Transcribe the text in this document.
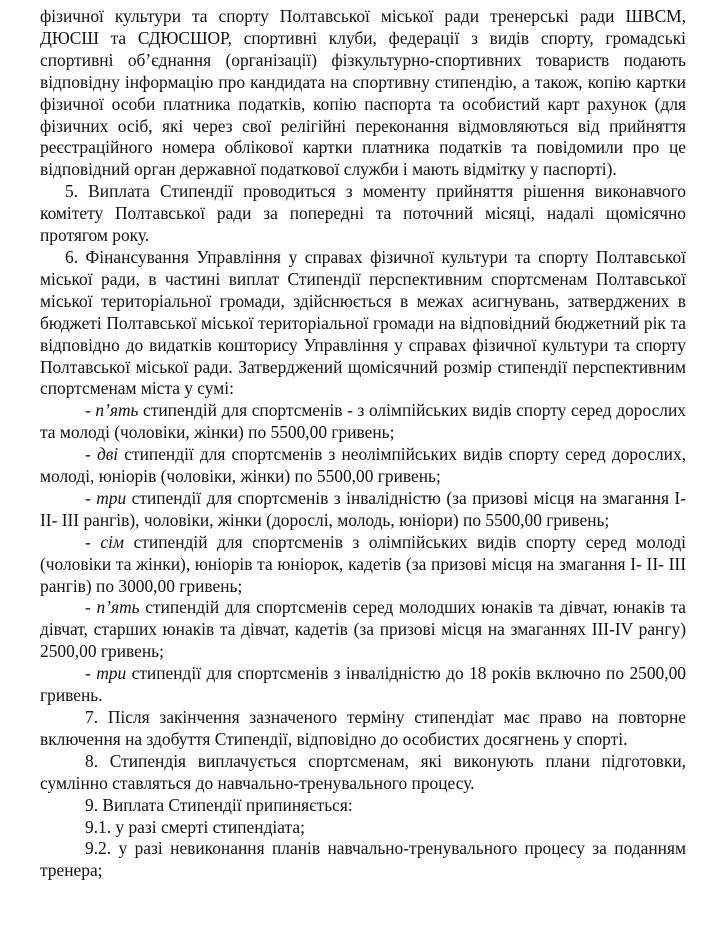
фізичної культури та спорту Полтавської міської ради тренерські ради ШВСМ, ДЮСШ та СДЮСШОР, спортивні клуби, федерації з видів спорту, громадські спортивні об’єднання (організації) фізкультурно-спортивних товариств подають відповідну інформацію про кандидата на спортивну стипендію, а також, копію картки фізичної особи платника податків, копію паспорта та особистий карт рахунок (для фізичних осіб, які через свої релігійні переконання відмовляються від прийняття реєстраційного номера облікової картки платника податків та повідомили про це відповідний орган державної податкової служби і мають відмітку у паспорті).

5. Виплата Стипендії проводиться з моменту прийняття рішення виконавчого комітету Полтавської ради за попередні та поточний місяці, надалі щомісячно протягом року.

6. Фінансування Управління у справах фізичної культури та спорту Полтавської міської ради, в частині виплат Стипендії перспективним спортсменам Полтавської міської територіальної громади, здійснюється в межах асигнувань, затверджених в бюджеті Полтавської міської територіальної громади на відповідний бюджетний рік та відповідно до видатків кошторису Управління у справах фізичної культури та спорту Полтавської міської ради. Затверджений щомісячний розмір стипендії перспективним спортсменам міста у сумі:

- п’ять стипендій для спортсменів - з олімпійських видів спорту серед дорослих та молоді (чоловіки, жінки) по 5500,00 гривень;

- дві стипендії для спортсменів з неолімпійських видів спорту серед дорослих, молоді, юніорів (чоловіки, жінки) по 5500,00 гривень;

- три стипендії для спортсменів з інвалідністю (за призові місця на змагання І- ІІ- ІІІ рангів), чоловіки, жінки (дорослі, молодь, юніори) по 5500,00 гривень;

- сім стипендій для спортсменів з олімпійських видів спорту серед молоді (чоловіки та жінки), юніорів та юніорок, кадетів (за призові місця на змагання І- ІІ- ІІІ рангів) по 3000,00 гривень;

- п’ять стипендій для спортсменів серед молодших юнаків та дівчат, юнаків та дівчат, старших юнаків та дівчат, кадетів (за призові місця на змаганнях ІІІ-ІV рангу) 2500,00 гривень;

- три стипендії для спортсменів з інвалідністю до 18 років включно по 2500,00 гривень.

7. Після закінчення зазначеного терміну стипендіат має право на повторне включення на здобуття Стипендії, відповідно до особистих досягнень у спорті.

8. Стипендія виплачується спортсменам, які виконують плани підготовки, сумлінно ставляться до навчально-тренувального процесу.

9. Виплата Стипендії припиняється:

9.1. у разі смерті стипендіата;

9.2. у разі невиконання планів навчально-тренувального процесу за поданням тренера;
